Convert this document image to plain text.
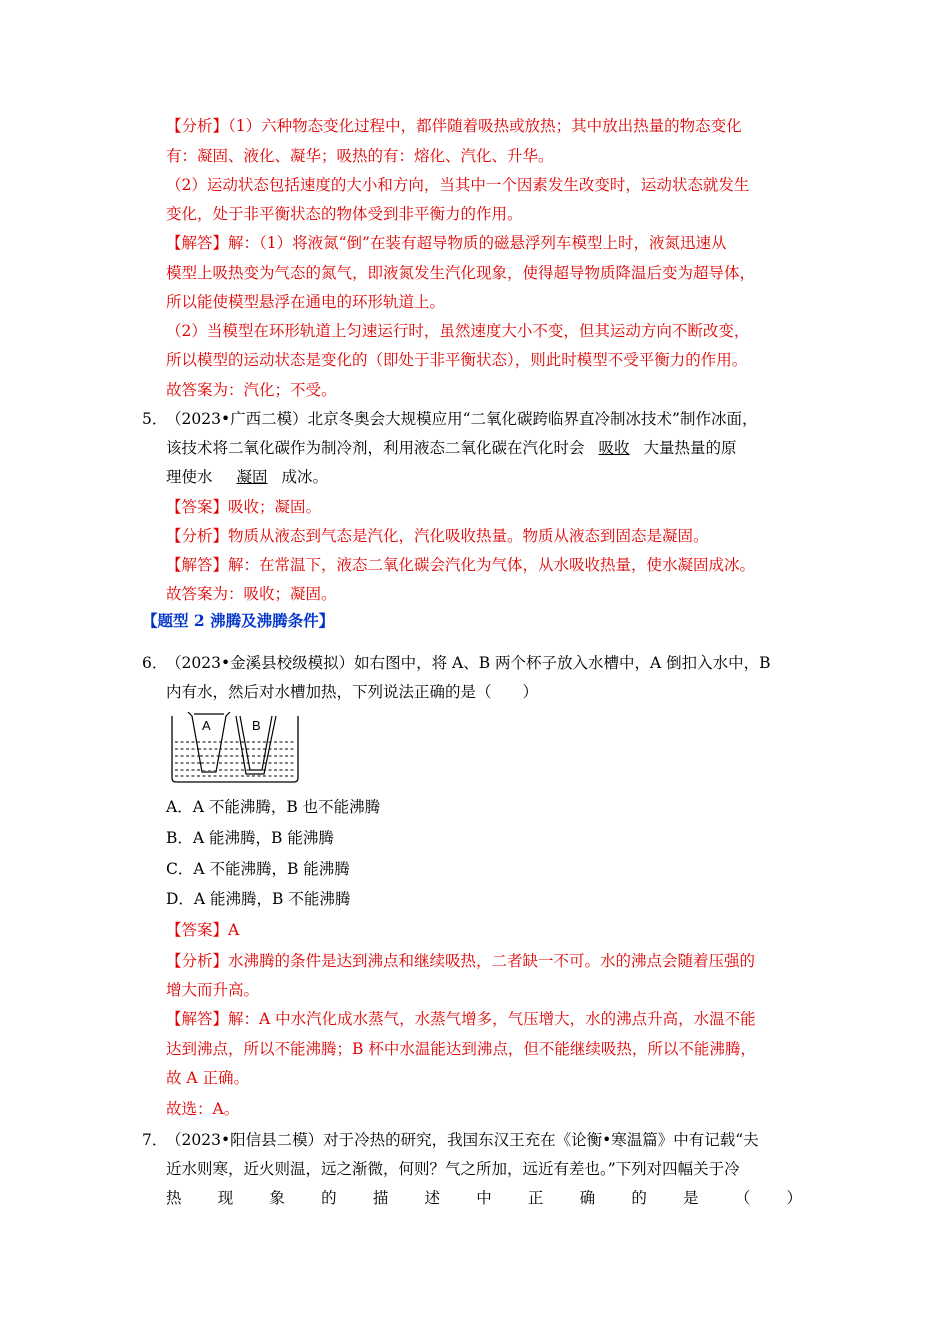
【分析】（1）六种物态变化过程中，都伴随着吸热或放热；其中放出热量的物态变化
有：凝固、液化、凝华；吸热的有：熔化、汽化、升华。
（2）运动状态包括速度的大小和方向，当其中一个因素发生改变时，运动状态就发生
变化，处于非平衡状态的物体受到非平衡力的作用。
【解答】解：（1）将液氮“倒”在装有超导物质的磁悬浮列车模型上时，液氮迅速从
模型上吸热变为气态的氮气，即液氮发生汽化现象，使得超导物质降温后变为超导体，
所以能使模型悬浮在通电的环形轨道上。
（2）当模型在环形轨道上匀速运行时，虽然速度大小不变，但其运动方向不断改变，
所以模型的运动状态是变化的（即处于非平衡状态），则此时模型不受平衡力的作用。
故答案为：汽化；不受。
5．
（2023•广西二模）北京冬奥会大规模应用“二氧化碳跨临界直冷制冰技术”制作冰面，
该技术将二氧化碳作为制冷剂，利用液态二氧化碳在汽化时会 吸收 大量热量的原
理使水 凝固 成冰。
【答案】吸收；凝固。
【分析】物质从液态到气态是汽化，汽化吸收热量。物质从液态到固态是凝固。
【解答】解：在常温下，液态二氧化碳会汽化为气体，从水吸收热量，使水凝固成冰。
故答案为：吸收；凝固。
【题型 2 沸腾及沸腾条件】
6．
（2023•金溪县校级模拟）如右图中，将 A、B 两个杯子放入水槽中，A 倒扣入水中，B
内有水，然后对水槽加热，下列说法正确的是（　　）
A	B
A．A 不能沸腾，B 也不能沸腾
B．A 能沸腾，B 能沸腾
C．A 不能沸腾，B 能沸腾
D．A 能沸腾，B 不能沸腾
【答案】A
【分析】水沸腾的条件是达到沸点和继续吸热，二者缺一不可。水的沸点会随着压强的
增大而升高。
【解答】解：A 中水汽化成水蒸气，水蒸气增多，气压增大，水的沸点升高，水温不能
达到沸点，所以不能沸腾；B 杯中水温能达到沸点，但不能继续吸热，所以不能沸腾，
故 A 正确。
故选：A。
7．
（2023•阳信县二模）对于冷热的研究，我国东汉王充在《论衡•寒温篇》中有记载“夫
近水则寒，近火则温，远之渐微，何则？气之所加，远近有差也。”下列对四幅关于冷
热 现 象 的 描 述 中 正 确 的 是 （ ）
